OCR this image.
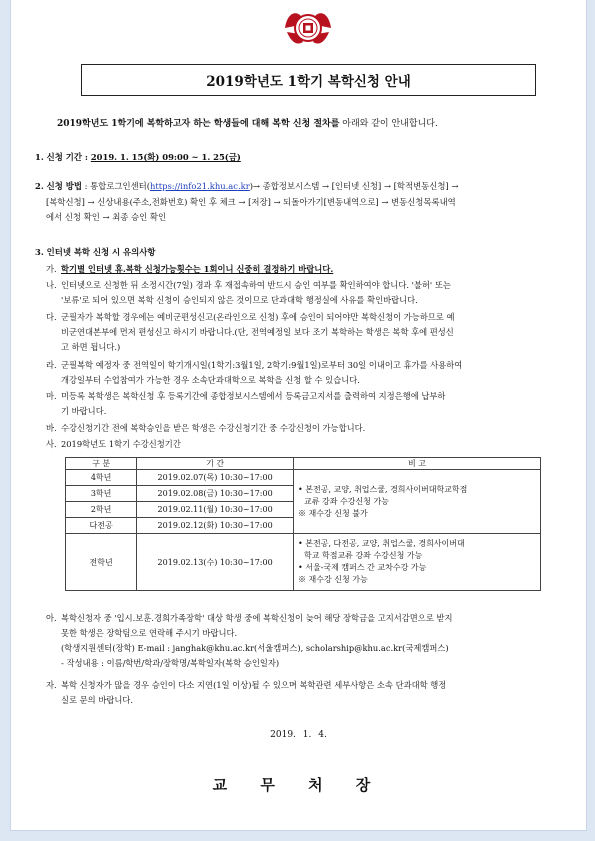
2019학년도 1학기 복학신청 안내
2019학년도 1학기에 복학하고자 하는 학생들에 대해 복학 신청 절차를 아래와 같이 안내합니다.
1. 신청 기간 : 2019. 1. 15(화) 09:00 ~ 1. 25(금)
2. 신청 방법 : 통합로그인센터(https://info21.khu.ac.kr)→ 종합정보시스템 → [인터넷 신청] → [학적변동신청] →
[복학신청] → 신상내용(주소,전화번호) 확인 후 체크 → [저장] → 되돌아가기[변동내역으로] → 변동신청목록내역
에서 신청 확인 → 최종 승인 확인
3. 인터넷 복학 신청 시 유의사항
가. 학기별 인터넷 휴.복학 신청가능횟수는 1회이니 신중히 결정하기 바랍니다.
나. 인터넷으로 신청한 뒤 소정시간(7일) 경과 후 재접속하여 반드시 승인 여부를 확인하여야 합니다. '불허' 또는
'보류'로 되어 있으면 복학 신청이 승인되지 않은 것이므로 단과대학 행정실에 사유를 확인바랍니다.
다. 군필자가 복학할 경우에는 예비군편성신고(온라인으로 신청) 후에 승인이 되어야만 복학신청이 가능하므로 예
비군연대본부에 먼저 편성신고 하시기 바랍니다.(단, 전역예정일 보다 조기 복학하는 학생은 복학 후에 편성신
고 하면 됩니다.)
라. 군필복학 예정자 중 전역일이 학기개시일(1학기:3월1일, 2학기:9월1일)로부터 30일 이내이고 휴가를 사용하여
개강일부터 수업참여가 가능한 경우 소속단과대학으로 복학을 신청 할 수 있습니다.
마. 미등록 복학생은 복학신청 후 등록기간에 종합정보시스템에서 등록금고지서를 출력하여 지정은행에 납부하
기 바랍니다.
바. 수강신청기간 전에 복학승인을 받은 학생은 수강신청기간 중 수강신청이 가능합니다.
사. 2019학년도 1학기 수강신청기간
구 분	기 간	비 고
4학년	2019.02.07(목) 10:30~17:00	• 본전공, 교양, 취업스쿨, 경희사이버대학교학점
교류 강좌 수강신청 가능
※ 재수강 신청 불가

3학년	2019.02.08(금) 10:30~17:00	
2학년	2019.02.11(월) 10:30~17:00	
다전공	2019.02.12(화) 10:30~17:00	
전학년	2019.02.13(수) 10:30~17:00	• 본전공, 다전공, 교양, 취업스쿨, 경희사이버대
학교 학점교류 강좌 수강신청 가능
• 서울-국제 캠퍼스 간 교차수강 가능
※ 재수강 신청 가능
아. 복학신청자 중 '입시.보훈.경희가족장학' 대상 학생 중에 복학신청이 늦어 해당 장학금을 고지서감면으로 받지
못한 학생은 장학팀으로 연락해 주시기 바랍니다.
(학생지원센터(장학) E-mail : janghak@khu.ac.kr(서울캠퍼스), scholarship@khu.ac.kr(국제캠퍼스)
- 작성내용 : 이름/학번/학과/장학명/복학일자(복학 승인일자)
자. 복학 신청자가 많을 경우 승인이 다소 지연(1일 이상)될 수 있으며 복학관련 세부사항은 소속 단과대학 행정
실로 문의 바랍니다.
2019. 1. 4.
교 무 처 장
